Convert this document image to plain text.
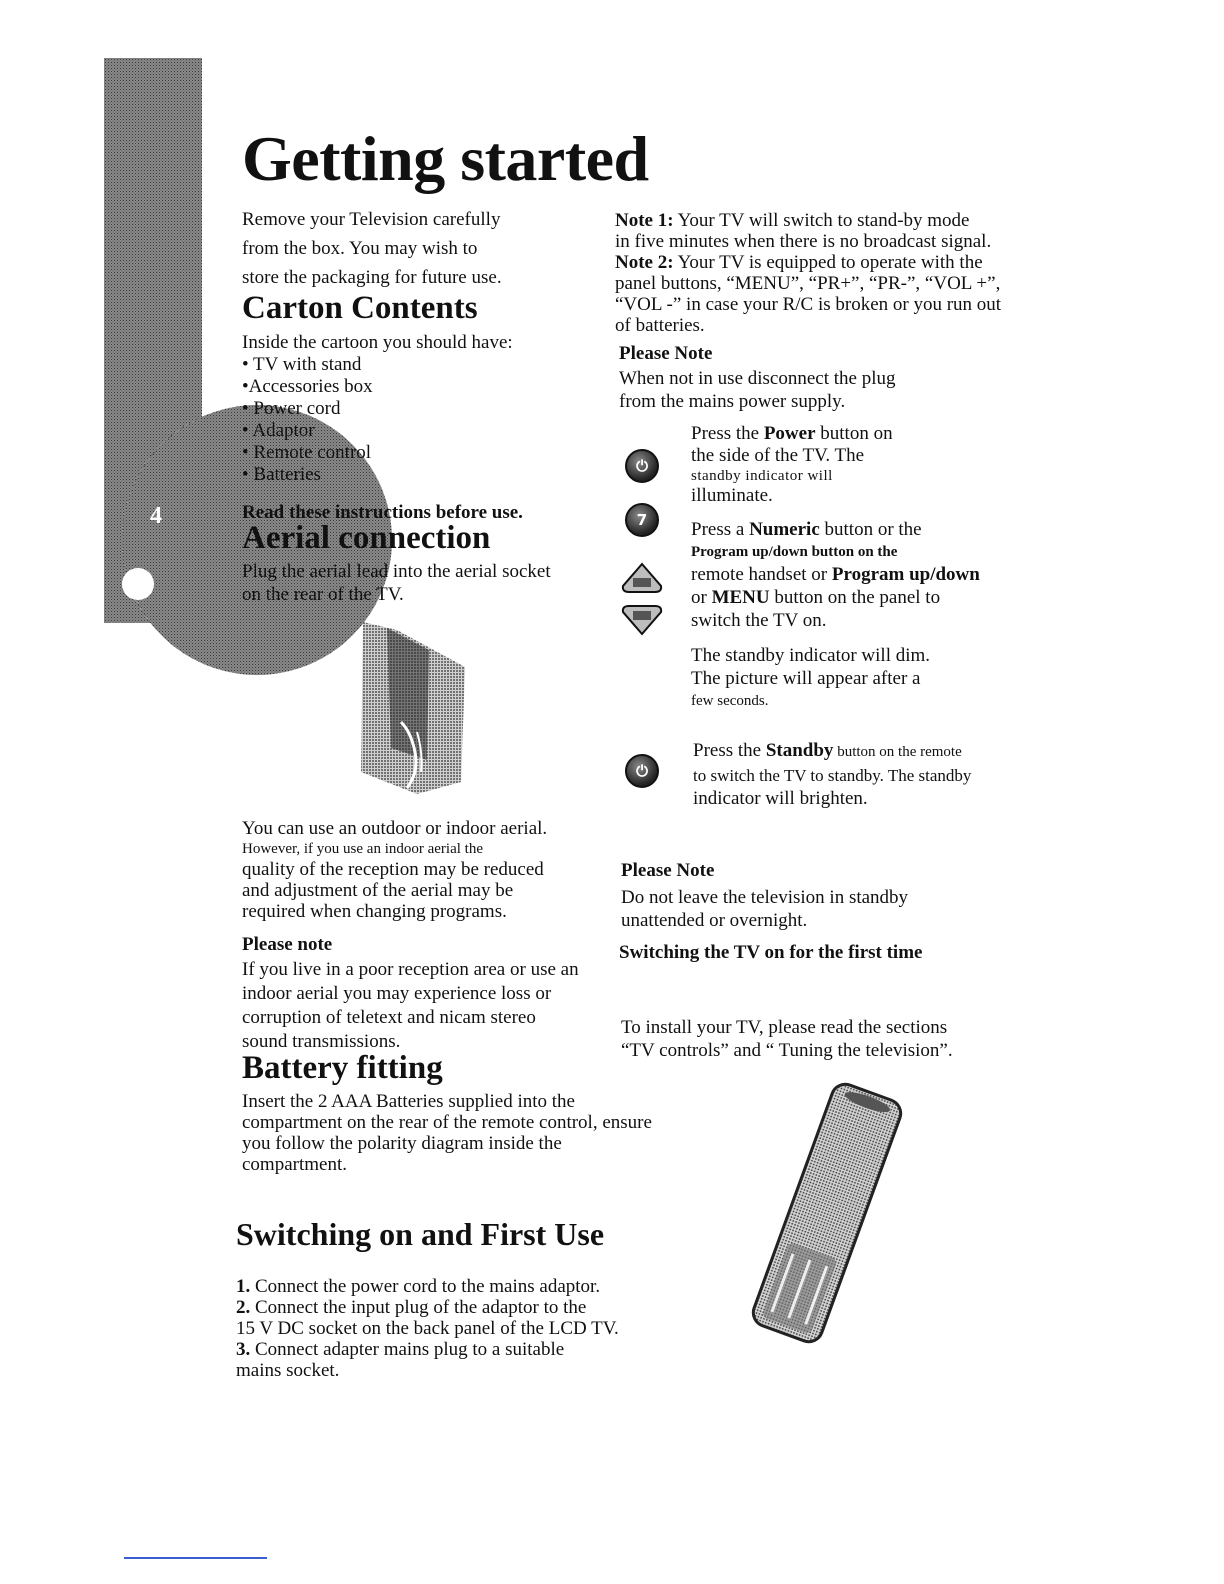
4
Getting started
Remove your Television carefully
from the box. You may wish to
store the packaging for future use.
Carton Contents
Inside the cartoon you should have:
• TV with stand
•Accessories box
• Power cord
• Adaptor
• Remote control
• Batteries
Read these instructions before use.
Aerial connection
Plug the aerial lead into the aerial socket
on the rear of the TV.
You can use an outdoor or indoor aerial.
However, if you use an indoor aerial the
quality of the reception may be reduced
and adjustment of the aerial may be
required when changing programs.
Please note
If you live in a poor reception area or use an
indoor aerial you may experience loss or
corruption of teletext and nicam stereo
sound transmissions.
Battery fitting
Insert the 2 AAA Batteries supplied into the
compartment on the rear of the remote control, ensure
you follow the polarity diagram inside the
compartment.
Switching on and First Use
1. Connect the power cord to the mains adaptor.
2. Connect the input plug of the adaptor to the
15 V DC socket on the back panel of the LCD TV.
3. Connect adapter mains plug to a suitable
mains socket.
Note 1: Your TV will switch to stand-by mode
in five minutes when there is no broadcast signal.
Note 2: Your TV is equipped to operate with the
panel buttons, “MENU”, “PR+”, “PR-”, “VOL +”,
“VOL -” in case your R/C is broken or you run out
of batteries.
Please Note
When not in use disconnect the plug
from the mains power supply.
⏻
Press the Power button on
the side of the TV. The
standby indicator will
illuminate.
7	Press a Numeric button or the
Program up/down button on the
remote handset or Program up/down
or MENU button on the panel to
switch the TV on.
The standby indicator will dim.
The picture will appear after a
few seconds.
⏻
Press the Standby button on the remote
to switch the TV to standby. The standby
indicator will brighten.
Please Note
Do not leave the television in standby
unattended or overnight.
Switching the TV on for the first time
To install your TV, please read the sections
“TV controls” and “ Tuning the television”.
